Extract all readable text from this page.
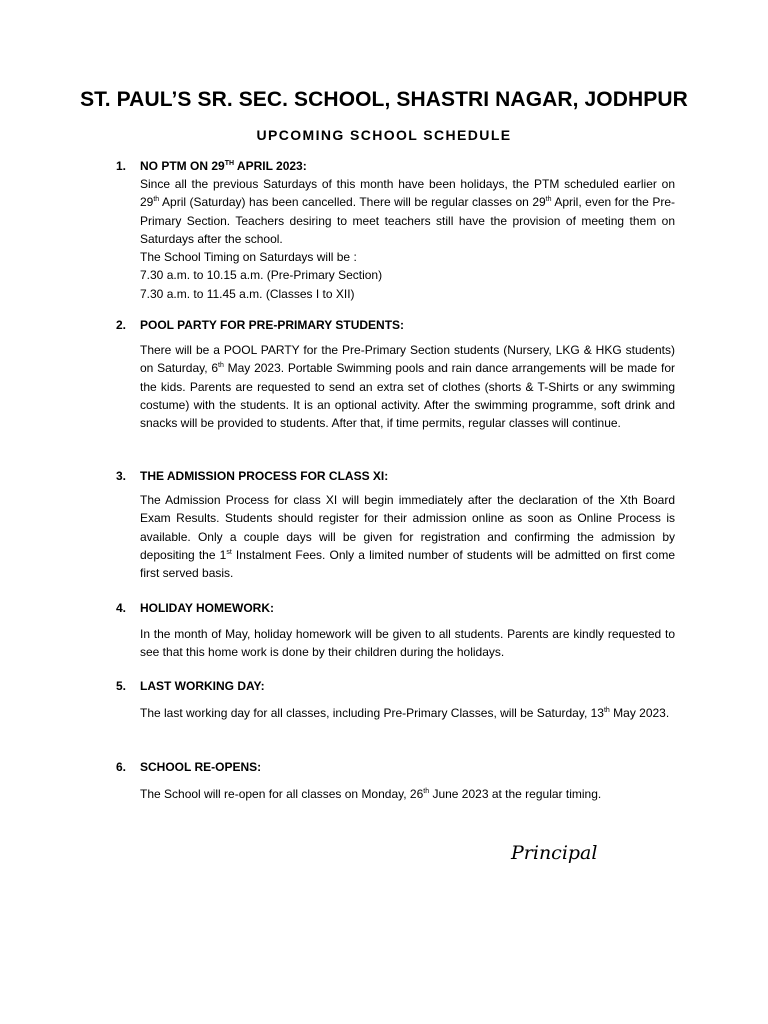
ST. PAUL’S SR. SEC. SCHOOL, SHASTRI NAGAR, JODHPUR
UPCOMING SCHOOL SCHEDULE
1. NO PTM ON 29TH APRIL 2023:
Since all the previous Saturdays of this month have been holidays, the PTM scheduled earlier on 29th April (Saturday) has been cancelled. There will be regular classes on 29th April, even for the Pre-Primary Section. Teachers desiring to meet teachers still have the provision of meeting them on Saturdays after the school.
The School Timing on Saturdays will be :
7.30 a.m. to 10.15 a.m. (Pre-Primary Section)
7.30 a.m. to 11.45 a.m. (Classes I to XII)
2. POOL PARTY FOR PRE-PRIMARY STUDENTS:
There will be a POOL PARTY for the Pre-Primary Section students (Nursery, LKG & HKG students) on Saturday, 6th May 2023. Portable Swimming pools and rain dance arrangements will be made for the kids. Parents are requested to send an extra set of clothes (shorts & T-Shirts or any swimming costume) with the students. It is an optional activity. After the swimming programme, soft drink and snacks will be provided to students. After that, if time permits, regular classes will continue.
3. THE ADMISSION PROCESS FOR CLASS XI:
The Admission Process for class XI will begin immediately after the declaration of the Xth Board Exam Results. Students should register for their admission online as soon as Online Process is available. Only a couple days will be given for registration and confirming the admission by depositing the 1st Instalment Fees. Only a limited number of students will be admitted on first come first served basis.
4. HOLIDAY HOMEWORK:
In the month of May, holiday homework will be given to all students. Parents are kindly requested to see that this home work is done by their children during the holidays.
5. LAST WORKING DAY:
The last working day for all classes, including Pre-Primary Classes, will be Saturday, 13th May 2023.
6. SCHOOL RE-OPENS:
The School will re-open for all classes on Monday, 26th June 2023 at the regular timing.
Principal
